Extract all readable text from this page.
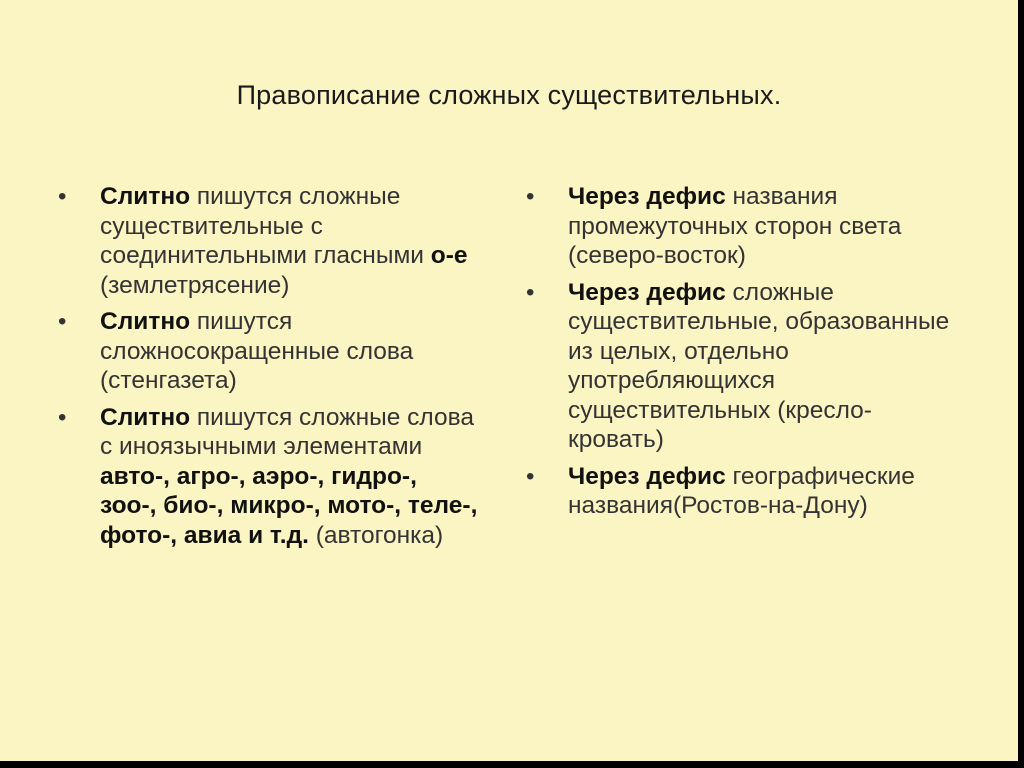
Правописание сложных существительных.
• Слитно пишутся сложные существительные с соединительными гласными о-е (землетрясение)
• Слитно пишутся сложносокращенные слова (стенгазета)
• Слитно пишутся сложные слова с иноязычными элементами авто-, агро-, аэро-, гидро-, зоо-, био-, микро-, мото-, теле-, фото-, авиа и т.д. (автогонка)
• Через дефис названия промежуточных сторон света (северо-восток)
• Через дефис сложные существительные, образованные из целых, отдельно употребляющихся существительных (кресло-кровать)
• Через дефис географические названия(Ростов-на-Дону)
